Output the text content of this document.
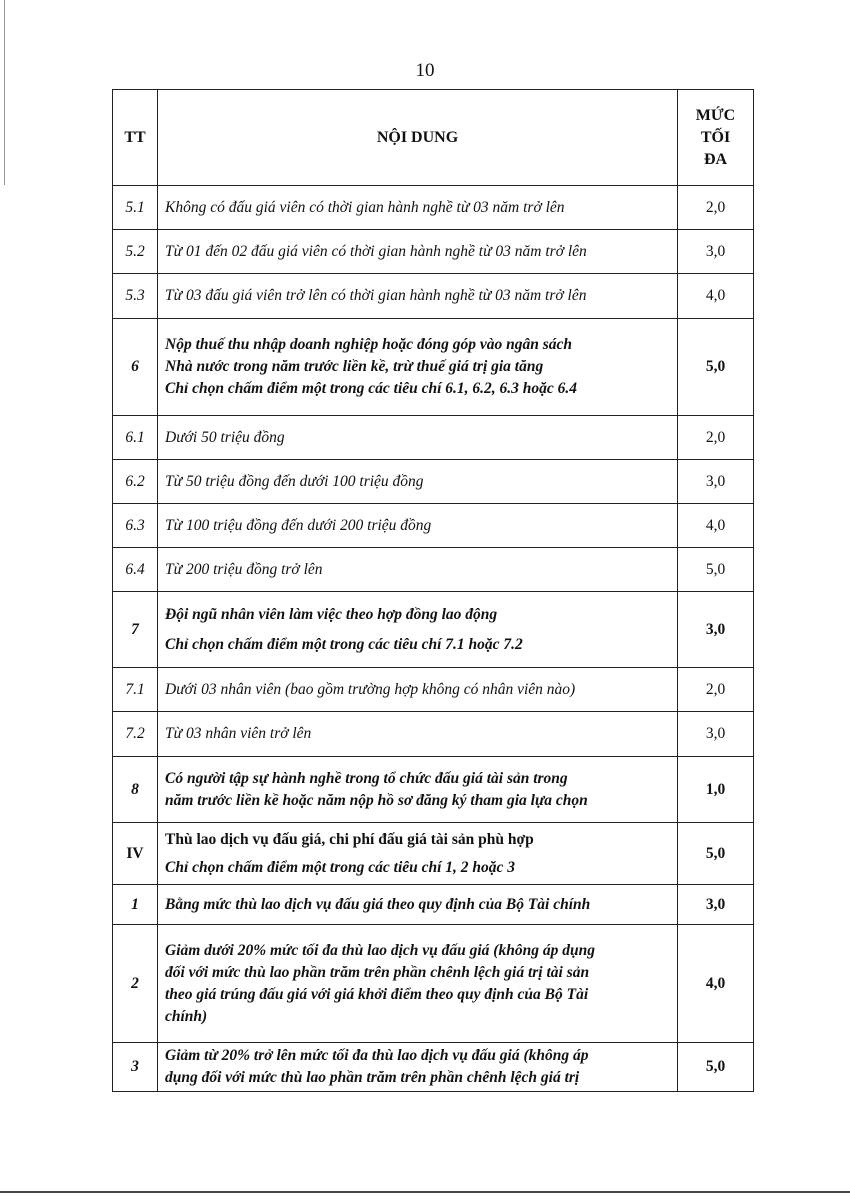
10
TT	NỘI DUNG	MỨC
TỐI
ĐA

5.1	Không có đấu giá viên có thời gian hành nghề từ 03 năm trở lên	2,0
5.2	Từ 01 đến 02 đấu giá viên có thời gian hành nghề từ 03 năm trở lên	3,0
5.3	Từ 03 đấu giá viên trở lên có thời gian hành nghề từ 03 năm trở lên	4,0
6	Nộp thuế thu nhập doanh nghiệp hoặc đóng góp vào ngân sách
Nhà nước trong năm trước liền kề, trừ thuế giá trị gia tăng
Chỉ chọn chấm điểm một trong các tiêu chí 6.1, 6.2, 6.3 hoặc 6.4	5,0
6.1	Dưới 50 triệu đồng	2,0
6.2	Từ 50 triệu đồng đến dưới 100 triệu đồng	3,0
6.3	Từ 100 triệu đồng đến dưới 200 triệu đồng	4,0
6.4	Từ 200 triệu đồng trở lên	5,0
7	Đội ngũ nhân viên làm việc theo hợp đồng lao động
Chỉ chọn chấm điểm một trong các tiêu chí 7.1 hoặc 7.2	3,0
7.1	Dưới 03 nhân viên (bao gồm trường hợp không có nhân viên nào)	2,0
7.2	Từ 03 nhân viên trở lên	3,0
8	Có người tập sự hành nghề trong tổ chức đấu giá tài sản trong
năm trước liền kề hoặc năm nộp hồ sơ đăng ký tham gia lựa chọn	1,0
IV	Thù lao dịch vụ đấu giá, chi phí đấu giá tài sản phù hợp
Chỉ chọn chấm điểm một trong các tiêu chí 1, 2 hoặc 3	5,0
1	Bằng mức thù lao dịch vụ đấu giá theo quy định của Bộ Tài chính	3,0
2	Giảm dưới 20% mức tối đa thù lao dịch vụ đấu giá (không áp dụng
đối với mức thù lao phần trăm trên phần chênh lệch giá trị tài sản
theo giá trúng đấu giá với giá khởi điểm theo quy định của Bộ Tài
chính)	4,0
3	Giảm từ 20% trở lên mức tối đa thù lao dịch vụ đấu giá (không áp
dụng đối với mức thù lao phần trăm trên phần chênh lệch giá trị	5,0
